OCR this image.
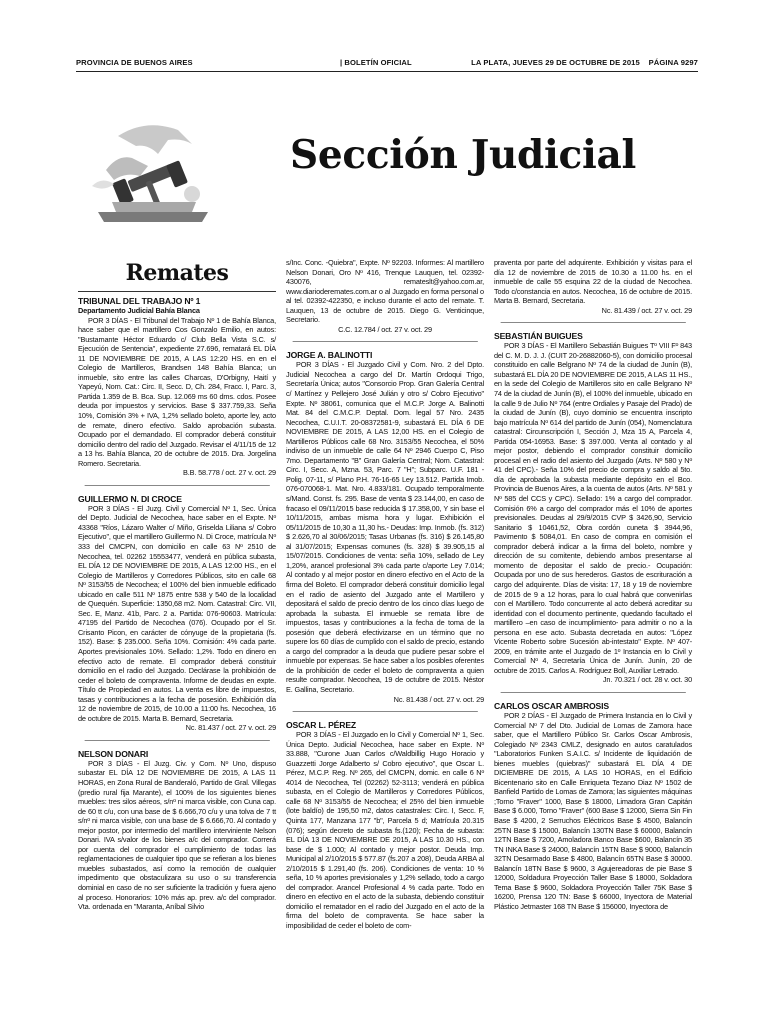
PROVINCIA DE BUENOS AIRES	| BOLETÍN OFICIAL	LA PLATA, JUEVES 29 DE OCTUBRE DE 2015 PÁGINA 9297
Sección Judicial
Remates
TRIBUNAL DEL TRABAJO Nº 1
Departamento Judicial Bahía Blanca

POR 3 DÍAS - El Tribunal del Trabajo Nº 1 de Bahía Blanca, hace saber que el martillero Cos Gonzalo Emilio, en autos: "Bustamante Héctor Eduardo c/ Club Bella Vista S.C. s/ Ejecución de Sentencia", expediente 27.696, rematará EL DÍA 11 DE NOVIEMBRE DE 2015, A LAS 12:20 HS. en en el Colegio de Martilleros, Brandsen 148 Bahía Blanca; un inmueble, sito entre las calles Charcas, D'Orbigny, Haití y Yapeyú, Nom. Cat.: Circ. II, Secc. D, Ch. 284, Fracc. I, Parc. 3, Partida 1.359 de B. Bca. Sup. 12.069 ms 60 dms. cdos. Posee deuda por impuestos y servicios. Base $ 337.759,33. Seña 10%, Comisión 3% + IVA, 1,2% sellado boleto, aporte ley, acto de remate, dinero efectivo. Saldo aprobación subasta. Ocupado por el demandado. El comprador deberá constituir domicilio dentro del radio del Juzgado. Revisar el 4/11/15 de 12 a 13 hs. Bahía Blanca, 20 de octubre de 2015. Dra. Jorgelina Romero. Secretaria.

B.B. 58.778 / oct. 27 v. oct. 29
———————————————————————————
GUILLERMO N. DI CROCE

POR 3 DÍAS - El Juzg. Civil y Comercial Nº 1, Sec. Única del Depto. Judicial de Necochea, hace saber en el Expte. Nº 43368 "Ríos, Lázaro Walter c/ Miño, Griselda Liliana s/ Cobro Ejecutivo", que el martillero Guillermo N. Di Croce, matrícula Nº 333 del CMCPN, con domicilio en calle 63 Nº 2510 de Necochea, tel. 02262 15553477, venderá en pública subasta, EL DÍA 12 DE NOVIEMBRE DE 2015, A LAS 12:00 HS., en el Colegio de Martilleros y Corredores Públicos, sito en calle 68 Nº 3153/55 de Necochea; el 100% del bien inmueble edificado ubicado en calle 511 Nº 1875 entre 538 y 540 de la localidad de Quequén. Superficie: 1350,68 m2. Nom. Catastral: Circ. VII, Sec. E, Manz. 41b, Parc. 2 a. Partida: 076-90603. Matrícula: 47195 del Partido de Necochea (076). Ocupado por el Sr. Crisanto Picon, en carácter de cónyuge de la propietaria (fs. 152). Base: $ 235.000. Seña 10%. Comisión: 4% cada parte. Aportes previsionales 10%. Sellado: 1,2%. Todo en dinero en efectivo acto de remate. El comprador deberá constituir domicilio en el radio del Juzgado. Declárase la prohibición de ceder el boleto de compraventa. Informe de deudas en expte. Título de Propiedad en autos. La venta es libre de impuestos, tasas y contribuciones a la fecha de posesión. Exhibición día 12 de noviembre de 2015, de 10.00 a 11:00 hs. Necochea, 16 de octubre de 2015. Marta B. Bernard, Secretaria.

Nc. 81.437 / oct. 27 v. oct. 29
———————————————————————————
NELSON DONARI

POR 3 DÍAS - El Juzg. Civ. y Com. Nº Uno, dispuso subastar EL DÍA 12 DE NOVIEMBRE DE 2015, A LAS 11 HORAS, en Zona Rural de Banderaló, Partido de Gral. Villegas (predio rural fija Marante), el 100% de los siguientes bienes muebles: tres silos aéreos, s/nº ni marca visible, con Cuna cap. de 60 tt c/u, con una base de $ 6.666,70 c/u y una tolva de 7 tt s/nº ni marca visible, con una base de $ 6.666,70. Al contado y mejor postor, por intermedio del martillero interviniente Nelson Donari. IVA s/valor de los bienes a/c del comprador. Correrá por cuenta del comprador el cumplimiento de todas las reglamentaciones de cualquier tipo que se refieran a los bienes muebles subastados, así como la remoción de cualquier impedimento que obstaculizara su uso o su transferencia dominial en caso de no ser suficiente la tradición y fuera ajeno al proceso. Honorarios: 10% más ap. prev. a/c del comprador. Vta. ordenada en "Maranta, Aníbal Silvio

s/Inc. Conc. -Quiebra", Expte. Nº 92203. Informes: Al martillero Nelson Donari, Oro Nº 416, Trenque Lauquen, tel. 02392-430076, remateslt@yahoo.com.ar, www.diarioderemates.com.ar o al Juzgado en forma personal o al tel. 02392-422350, e incluso durante el acto del remate. T. Lauquen, 13 de octubre de 2015. Diego G. Venticinque, Secretario.

C.C. 12.784 / oct. 27 v. oct. 29
———————————————————————————
JORGE A. BALINOTTI

POR 3 DÍAS - El Juzgado Civil y Com. Nro. 2 del Dpto. Judicial Necochea a cargo del Dr. Martín Ordoqui Trigo, Secretaría Única; autos "Consorcio Prop. Gran Galería Central c/ Martínez y Pellejero José Julián y otro s/ Cobro Ejecutivo" Expte. Nº 38061, comunica que el M.C.P. Jorge A. Balinotti Mat. 84 del C.M.C.P. Deptal. Dom. legal 57 Nro. 2435 Necochea, C.U.I.T. 20-08372581-9, subastará EL DÍA 6 DE NOVIEMBRE DE 2015, A LAS 12,00 HS. en el Colegio de Martilleros Públicos calle 68 Nro. 3153/55 Necochea, el 50% indiviso de un inmueble de calle 64 Nº 2946 Cuerpo C, Piso 7mo. Departamento "B" Gran Galería Central; Nom. Catastral: Circ. I, Secc. A, Mzna. 53, Parc. 7 "H"; Subparc. U.F. 181 - Polig. 07-11, s/ Plano P.H. 76-16-65 Ley 13.512. Partida Imob. 076-070068-1. Mat. Nro. 4.833/181. Ocupado temporalmente s/Mand. Const. fs. 295. Base de venta $ 23.144,00, en caso de fracaso el 09/11/2015 base reducida $ 17.358,00, Y sin base el 10/11/2015, ambas misma hora y lugar. Exhibición el 05/11/2015 de 10,30 a 11,30 hs.- Deudas: Imp. Inmob. (fs. 312) $ 2.626,70 al 30/06/2015; Tasas Urbanas (fs. 316) $ 26.145,80 al 31/07/2015; Expensas comunes (fs. 328) $ 39.905,15 al 15/07/2015. Condiciones de venta: seña 10%, sellado de Ley 1,20%, arancel profesional 3% cada parte c/aporte Ley 7.014; Al contado y al mejor postor en dinero efectivo en el Acto de la firma del Boleto. El comprador deberá constituir domicilio legal en el radio de asiento del Juzgado ante el Martillero y depositará el saldo de precio dentro de los cinco días luego de aprobada la subasta. El inmueble se remata libre de impuestos, tasas y contribuciones a la fecha de toma de la posesión que deberá efectivizarse en un término que no supere los 60 días de cumplido con el saldo de precio, estando a cargo del comprador a la deuda que pudiere pesar sobre el inmueble por expensas. Se hace saber a los posibles oferentes de la prohibición de ceder el boleto de compraventa a quien resulte comprador. Necochea, 19 de octubre de 2015. Néstor E. Gallina, Secretario.

Nc. 81.438 / oct. 27 v. oct. 29
———————————————————————————
OSCAR L. PÉREZ

POR 3 DÍAS - El Juzgado en lo Civil y Comercial Nº 1, Sec. Única Depto. Judicial Necochea, hace saber en Expte. Nº 33.888, "Curone Juan Carlos c/Waldbillig Hugo Horacio y Guazzetti Jorge Adalberto s/ Cobro ejecutivo", que Oscar L. Pérez, M.C.P. Reg. Nº 265, del CMCPN, domic. en calle 6 Nº 4014 de Necochea, Tel (02262) 52-3113; venderá en pública subasta, en el Colegio de Martilleros y Corredores Públicos, calle 68 Nº 3153/55 de Necochea; el 25% del bien inmueble (lote baldío) de 195,50 m2, datos catastrales: Circ. I, Secc. F, Quinta 177, Manzana 177 "b", Parcela 5 d; Matrícula 20.315 (076); según decreto de subasta fs.(120); Fecha de subasta: EL DÍA 13 DE NOVIEMBRE DE 2015, A LAS 10.30 HS., con base de $ 1.000; Al contado y mejor postor. Deuda Imp. Municipal al 2/10/2015 $ 577.87 (fs.207 a 208), Deuda ARBA al 2/10/2015 $ 1.291,40 (fs. 206). Condiciones de venta: 10 % seña, 10 % aportes previsionales y 1,2% sellado, todo a cargo del comprador. Arancel Profesional 4 % cada parte. Todo en dinero en efectivo en el acto de la subasta, debiendo constituir domicilio el rematador en el radio del Juzgado en el acto de la firma del boleto de compraventa. Se hace saber la imposibilidad de ceder el boleto de com-

praventa por parte del adquirente. Exhibición y visitas para el día 12 de noviembre de 2015 de 10.30 a 11.00 hs. en el inmueble de calle 55 esquina 22 de la ciudad de Necochea. Todo c/constancia en autos. Necochea, 16 de octubre de 2015. Marta B. Bernard, Secretaria.

Nc. 81.439 / oct. 27 v. oct. 29
———————————————————————————
SEBASTIÁN BUIGUES

POR 3 DÍAS - El Martillero Sebastián Buigues Tº VIII Fº 843 del C. M. D. J. J. (CUIT 20-26882060-5), con domicilio procesal constituido en calle Belgrano Nº 74 de la ciudad de Junín (B), subastará EL DÍA 20 DE NOVIEMBRE DE 2015, A LAS 11 HS., en la sede del Colegio de Martilleros sito en calle Belgrano Nº 74 de la ciudad de Junín (B), el 100% del inmueble, ubicado en la calle 9 de Julio Nº 764 (entre Ordiales y Pasaje del Prado) de la ciudad de Junín (B), cuyo dominio se encuentra inscripto bajo matrícula Nº 614 del partido de Junín (054), Nomenclatura catastral: Circunscripción I, Sección J, Mza 15 A, Parcela 4, Partida 054-16953. Base: $ 397.000. Venta al contado y al mejor postor, debiendo el comprador constituir domicilio procesal en el radio del asiento del Juzgado (Arts. Nº 580 y Nº 41 del CPC).- Seña 10% del precio de compra y saldo al 5to. día de aprobada la subasta mediante depósito en el Bco. Provincia de Buenos Aires, a la cuenta de autos (Arts. Nº 581 y Nº 585 del CCS y CPC). Sellado: 1% a cargo del comprador. Comisión 6% a cargo del comprador más el 10% de aportes previsionales. Deudas al 29/9/2015 CVP $ 3426,90, Servicio Sanitario $ 10461,52, Obra cordón cuneta $ 3944,96, Pavimento $ 5084,01. En caso de compra en comisión el comprador deberá indicar a la firma del boleto, nombre y dirección de su comitente, debiendo ambos presentarse al momento de depositar el saldo de precio.- Ocupación: Ocupada por uno de sus herederos. Gastos de escrituración a cargo del adquirente. Días de visita: 17, 18 y 19 de noviembre de 2015 de 9 a 12 horas, para lo cual habrá que convenirlas con el Martillero. Todo concurrente al acto deberá acreditar su identidad con el documento pertinente, quedando facultado el martillero –en caso de incumplimiento- para admitir o no a la persona en ese acto. Subasta decretada en autos: "López Vicente Roberto sobre Sucesión ab-intestato" Expte. Nº 407-2009, en trámite ante el Juzgado de 1º Instancia en lo Civil y Comercial Nº 4, Secretaría Única de Junín. Junín, 20 de octubre de 2015. Carlos A. Rodríguez Boll, Auxiliar Letrado.

Jn. 70.321 / oct. 28 v. oct. 30
———————————————————————————
CARLOS OSCAR AMBROSIS

POR 2 DÍAS - El Juzgado de Primera Instancia en lo Civil y Comercial Nº 7 del Dto. Judicial de Lomas de Zamora hace saber, que el Martillero Público Sr. Carlos Oscar Ambrosis, Colegiado Nº 2343 CMLZ, designado en autos caratulados "Laboratorios Funken S.A.I.C. s/ Incidente de liquidación de bienes muebles (quiebras)" subastará EL DÍA 4 DE DICIEMBRE DE 2015, A LAS 10 HORAS, en el Edificio Bicentenario sito en Calle Enriqueta Tezano Diaz Nº 1502 de Banfield Partido de Lomas de Zamora; las siguientes máquinas ;Torno "Fraver" 1000, Base $ 18000, Limadora Gran Capitán Base $ 6.000, Torno "Fraver" (600 Base $ 12000, Sierra Sin Fin Base $ 4200, 2 Serruchos Eléctricos Base $ 4500, Balancín 25TN Base $ 15000, Balancín 130TN Base $ 60000, Balancín 12TN Base $ 7200, Amoladora Banco Base $600, Balancín 35 TN INKA Base $ 24000, Balancín 15TN Base $ 9000, Balancín 32TN Desarmado Base $ 4800, Balancín 65TN Base $ 30000. Balancín 18TN Base $ 9600, 3 Agujereadoras de pie Base $ 12000, Soldadura Proyección Taller Base $ 18000, Soldadora Tema Base $ 9600, Soldadora Proyección Taller 75K Base $ 16200, Prensa 120 TN: Base $ 66000, Inyectora de Material Plástico Jetmaster 168 TN Base $ 156000, Inyectora de
